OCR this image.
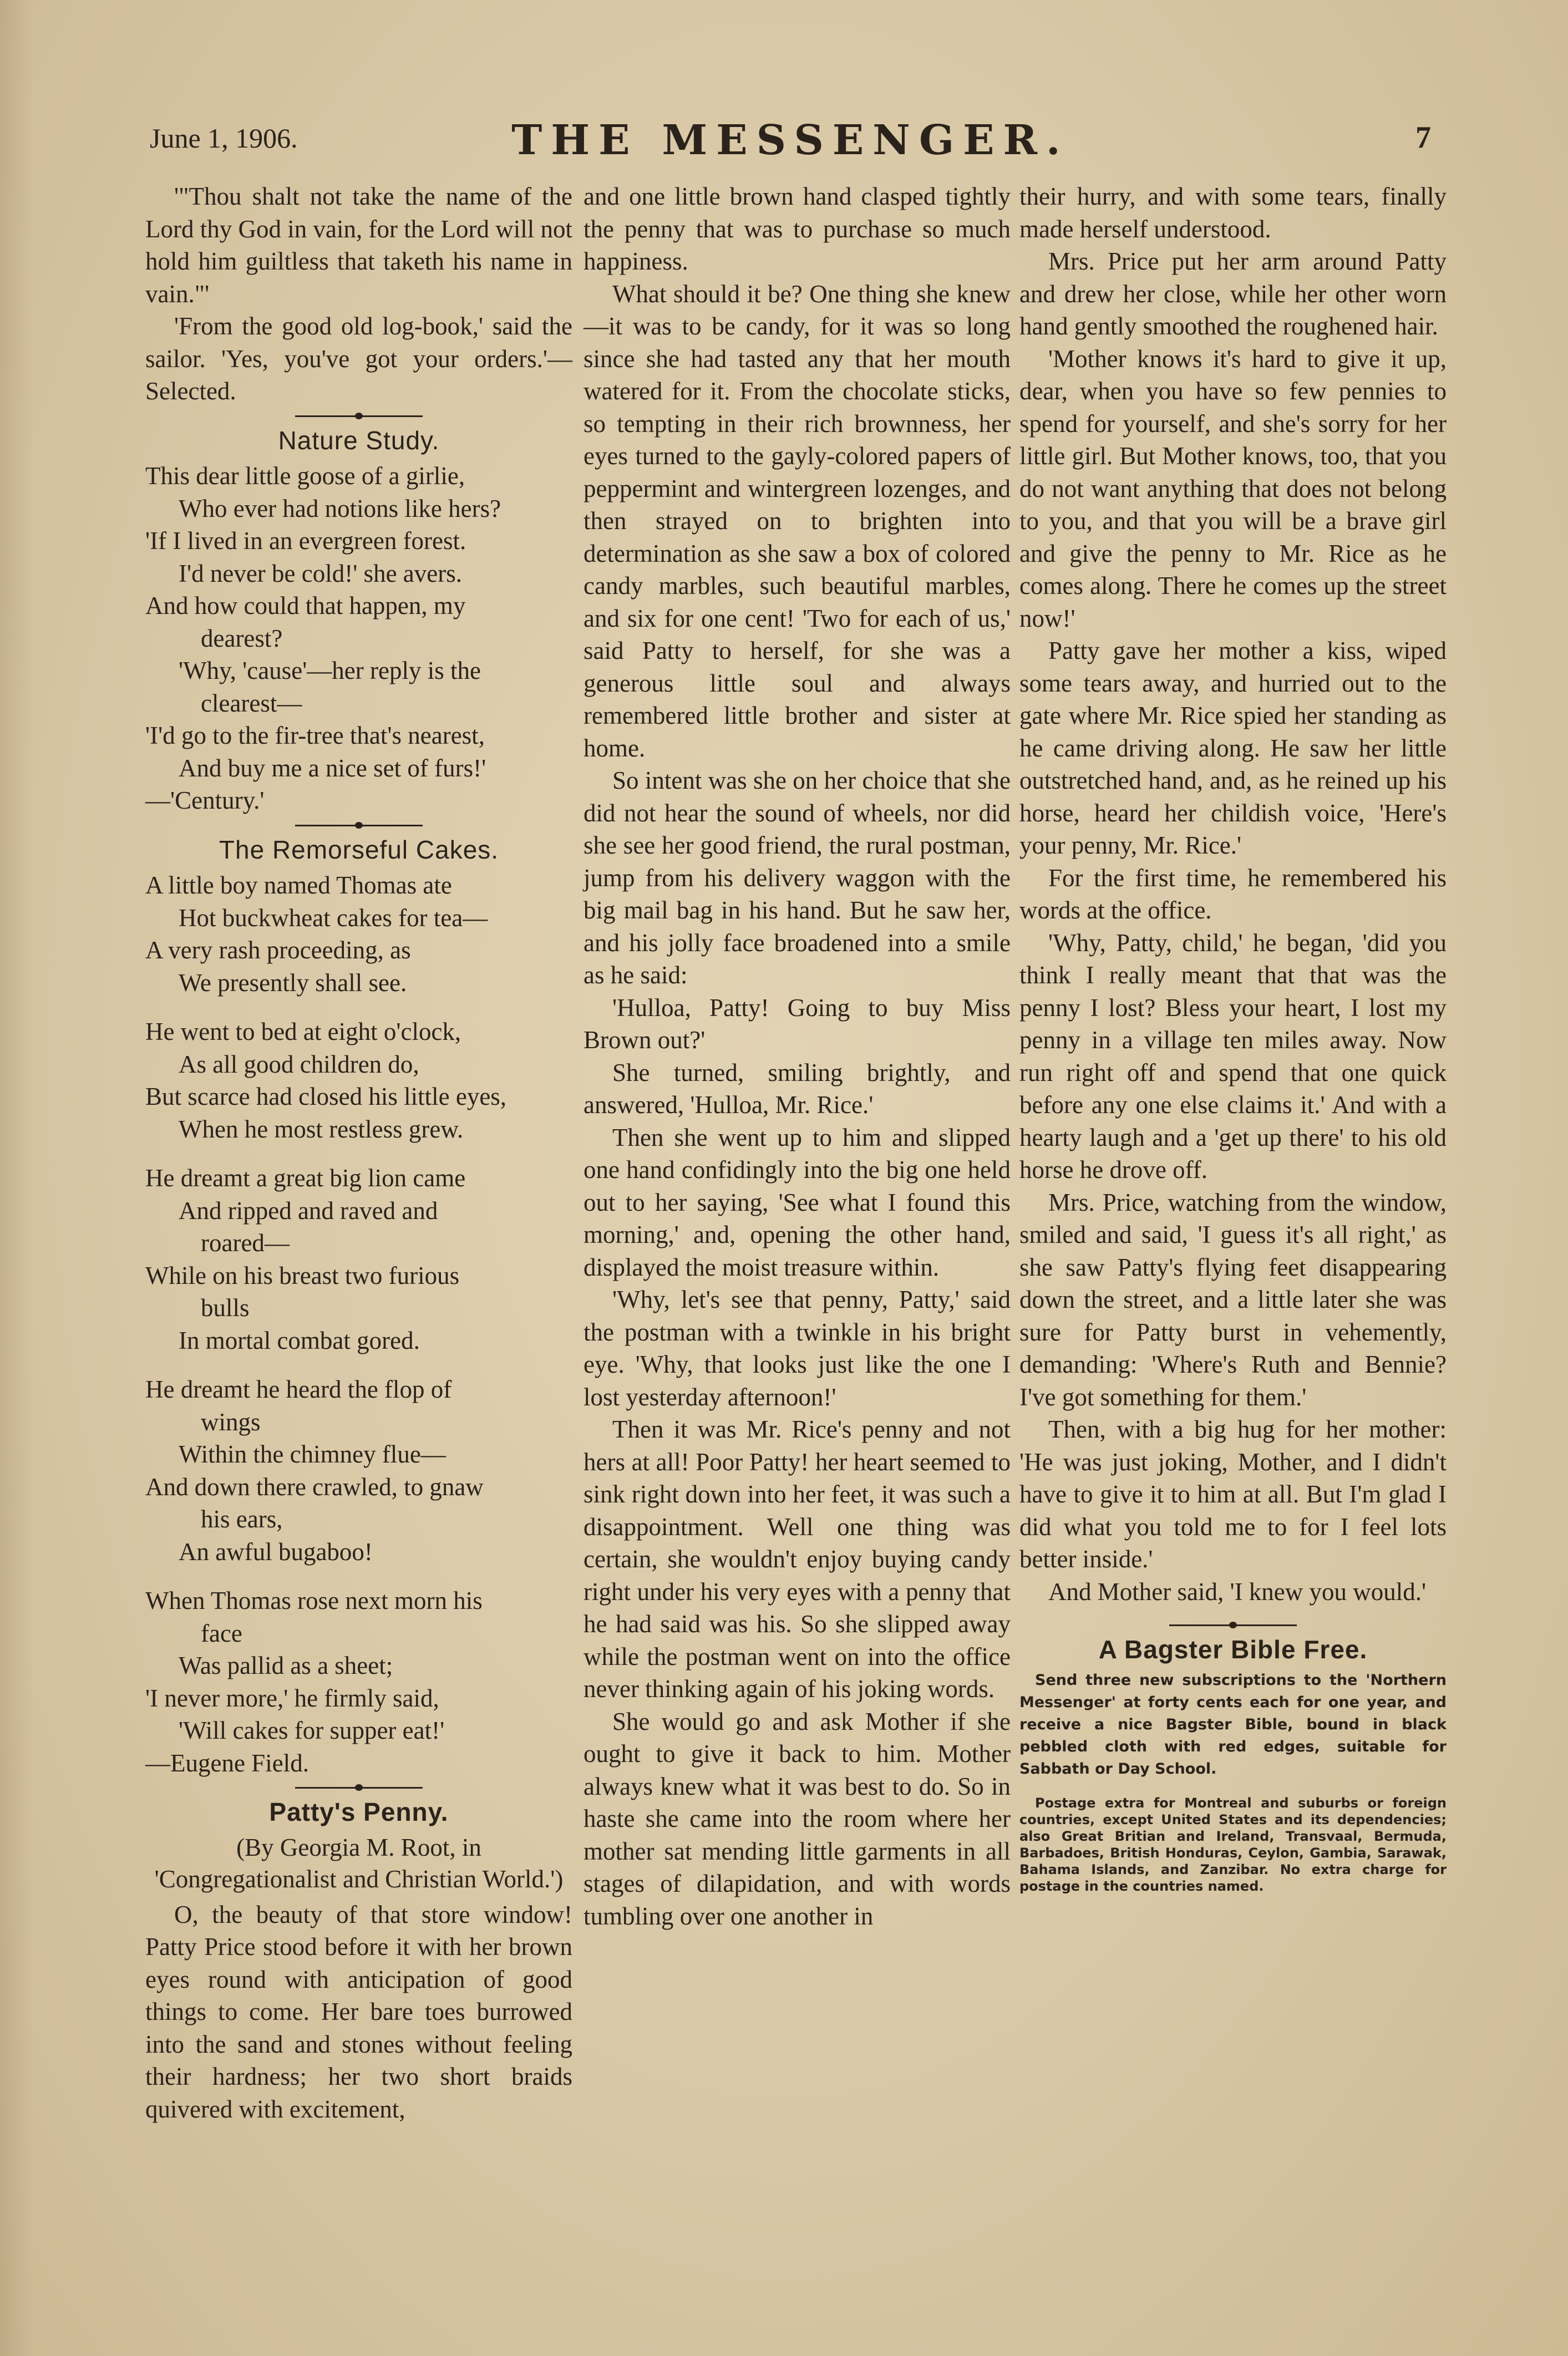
June 1, 1906.	THE MESSENGER.	7

'"Thou shalt not take the name of the Lord thy God in vain, for the Lord will not hold him guiltless that taketh his name in vain."'

'From the good old log-book,' said the sailor. 'Yes, you've got your orders.'—Selected.

Nature Study.
This dear little goose of a girlie,
Who ever had notions like hers?
'If I lived in an evergreen forest.
I'd never be cold!' she avers.
And how could that happen, my
dearest?
'Why, 'cause'—her reply is the
clearest—
'I'd go to the fir-tree that's nearest,
And buy me a nice set of furs!'
—'Century.'
The Remorseful Cakes.
A little boy named Thomas ate
Hot buckwheat cakes for tea—
A very rash proceeding, as
We presently shall see.
He went to bed at eight o'clock,
As all good children do,
But scarce had closed his little eyes,
When he most restless grew.
He dreamt a great big lion came
And ripped and raved and
roared—
While on his breast two furious
bulls
In mortal combat gored.
He dreamt he heard the flop of
wings
Within the chimney flue—
And down there crawled, to gnaw
his ears,
An awful bugaboo!
When Thomas rose next morn his
face
Was pallid as a sheet;
'I never more,' he firmly said,
'Will cakes for supper eat!'
—Eugene Field.
Patty's Penny.
(By Georgia M. Root, in 'Congregationalist and Christian World.')

O, the beauty of that store window! Patty Price stood before it with her brown eyes round with anticipation of good things to come. Her bare toes burrowed into the sand and stones without feeling their hardness; her two short braids quivered with excitement,

and one little brown hand clasped tightly the penny that was to purchase so much happiness.

What should it be? One thing she knew—it was to be candy, for it was so long since she had tasted any that her mouth watered for it. From the chocolate sticks, so tempting in their rich brownness, her eyes turned to the gayly-colored papers of peppermint and wintergreen lozenges, and then strayed on to brighten into determination as she saw a box of colored candy marbles, such beautiful marbles, and six for one cent! 'Two for each of us,' said Patty to herself, for she was a generous little soul and always remembered little brother and sister at home.

So intent was she on her choice that she did not hear the sound of wheels, nor did she see her good friend, the rural postman, jump from his delivery waggon with the big mail bag in his hand. But he saw her, and his jolly face broadened into a smile as he said:

'Hulloa, Patty! Going to buy Miss Brown out?'

She turned, smiling brightly, and answered, 'Hulloa, Mr. Rice.'

Then she went up to him and slipped one hand confidingly into the big one held out to her saying, 'See what I found this morning,' and, opening the other hand, displayed the moist treasure within.

'Why, let's see that penny, Patty,' said the postman with a twinkle in his bright eye. 'Why, that looks just like the one I lost yesterday afternoon!'

Then it was Mr. Rice's penny and not hers at all! Poor Patty! her heart seemed to sink right down into her feet, it was such a disappointment. Well one thing was certain, she wouldn't enjoy buying candy right under his very eyes with a penny that he had said was his. So she slipped away while the postman went on into the office never thinking again of his joking words.

She would go and ask Mother if she ought to give it back to him. Mother always knew what it was best to do. So in haste she came into the room where her mother sat mending little garments in all stages of dilapidation, and with words tumbling over one another in

their hurry, and with some tears, finally made herself understood.

Mrs. Price put her arm around Patty and drew her close, while her other worn hand gently smoothed the roughened hair.

'Mother knows it's hard to give it up, dear, when you have so few pennies to spend for yourself, and she's sorry for her little girl. But Mother knows, too, that you do not want anything that does not belong to you, and that you will be a brave girl and give the penny to Mr. Rice as he comes along. There he comes up the street now!'

Patty gave her mother a kiss, wiped some tears away, and hurried out to the gate where Mr. Rice spied her standing as he came driving along. He saw her little outstretched hand, and, as he reined up his horse, heard her childish voice, 'Here's your penny, Mr. Rice.'

For the first time, he remembered his words at the office.

'Why, Patty, child,' he began, 'did you think I really meant that that was the penny I lost? Bless your heart, I lost my penny in a village ten miles away. Now run right off and spend that one quick before any one else claims it.' And with a hearty laugh and a 'get up there' to his old horse he drove off.

Mrs. Price, watching from the window, smiled and said, 'I guess it's all right,' as she saw Patty's flying feet disappearing down the street, and a little later she was sure for Patty burst in vehemently, demanding: 'Where's Ruth and Bennie? I've got something for them.'

Then, with a big hug for her mother: 'He was just joking, Mother, and I didn't have to give it to him at all. But I'm glad I did what you told me to for I feel lots better inside.'

And Mother said, 'I knew you would.'

A Bagster Bible Free.

Send three new subscriptions to the 'Northern Messenger' at forty cents each for one year, and receive a nice Bagster Bible, bound in black pebbled cloth with red edges, suitable for Sabbath or Day School.

Postage extra for Montreal and suburbs or foreign countries, except United States and its dependencies; also Great Britian and Ireland, Transvaal, Bermuda, Barbadoes, British Honduras, Ceylon, Gambia, Sarawak, Bahama Islands, and Zanzibar. No extra charge for postage in the countries named.
